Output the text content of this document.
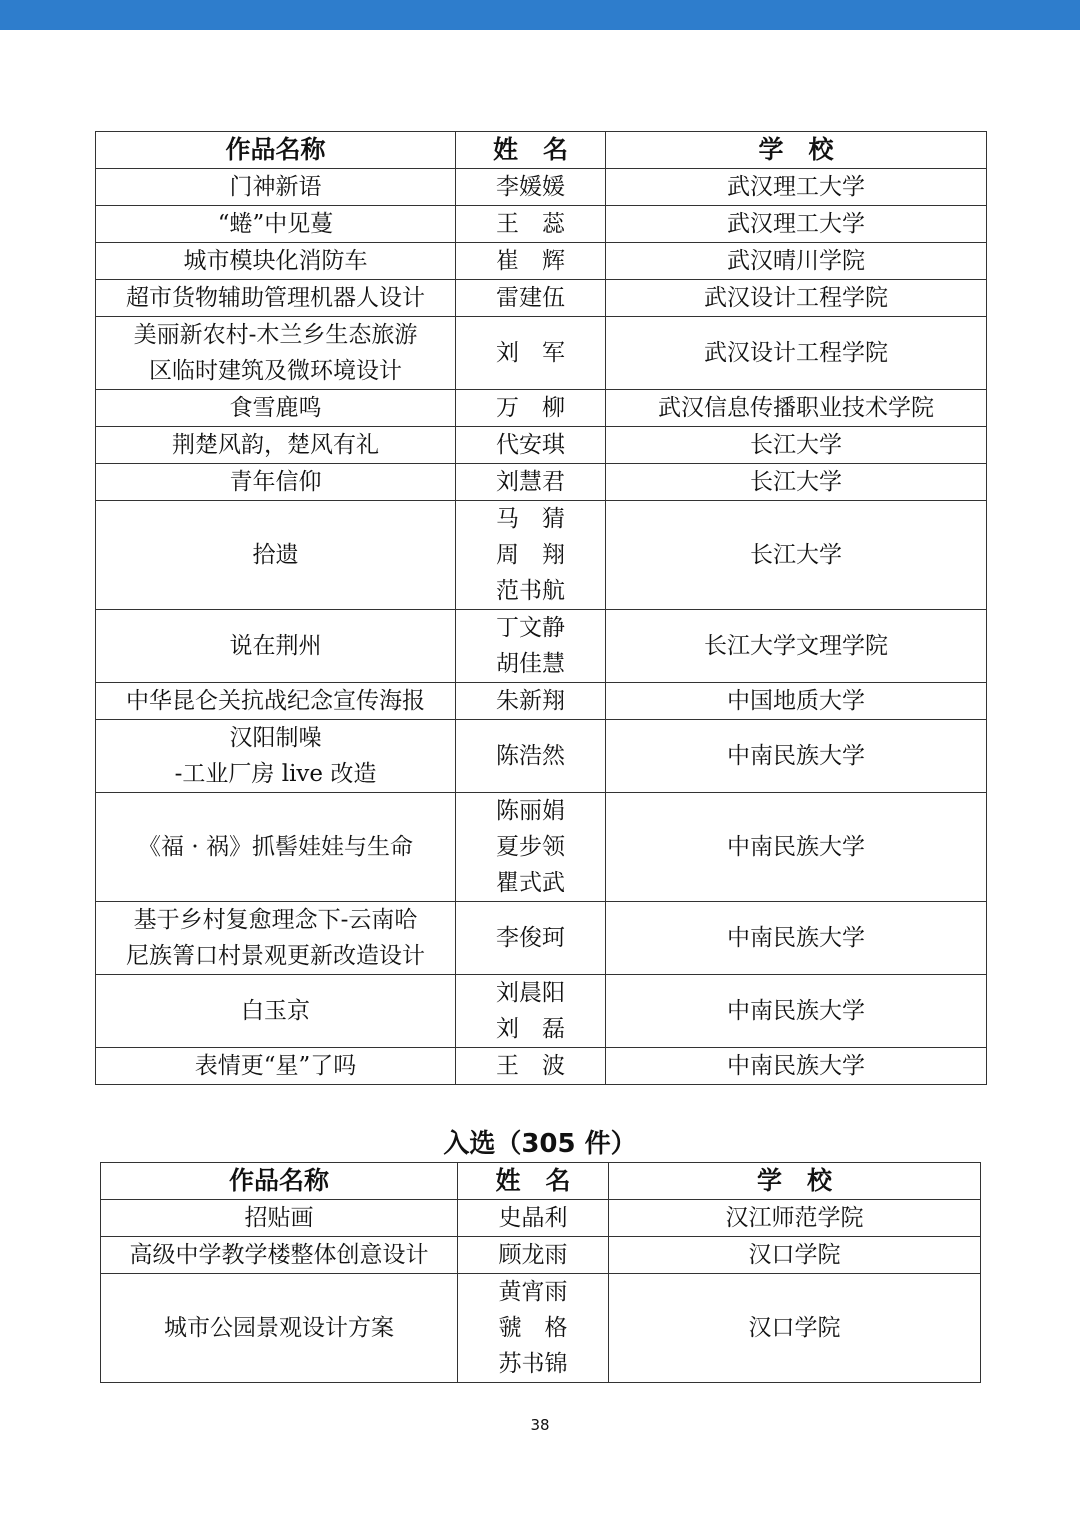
作品名称	姓　名	学　校

门神新语	李媛媛	武汉理工大学

“蜷”中见蔓	王　蕊	武汉理工大学

城市模块化消防车	崔　辉	武汉晴川学院

超市货物辅助管理机器人设计	雷建伍	武汉设计工程学院

美丽新农村-木兰乡生态旅游
区临时建筑及微环境设计	刘　军	武汉设计工程学院

食雪鹿鸣	万　柳	武汉信息传播职业技术学院

荆楚风韵，楚风有礼	代安琪	长江大学

青年信仰	刘慧君	长江大学

拾遗	马　猜
周　翔
范书航	长江大学

说在荆州	丁文静
胡佳慧	长江大学文理学院

中华昆仑关抗战纪念宣传海报	朱新翔	中国地质大学

汉阳制噪
-工业厂房 live 改造	陈浩然	中南民族大学

《福 · 祸》抓髻娃娃与生命	陈丽娟
夏步领
瞿式武	中南民族大学

基于乡村复愈理念下-云南哈
尼族箐口村景观更新改造设计	李俊珂	中南民族大学

白玉京	刘晨阳
刘　磊	中南民族大学

表情更“星”了吗	王　波	中南民族大学
入选（305 件）
作品名称	姓　名	学　校

招贴画	史晶利	汉江师范学院

高级中学教学楼整体创意设计	顾龙雨	汉口学院

城市公园景观设计方案	黄宵雨
虢　格
苏书锦	汉口学院
38
